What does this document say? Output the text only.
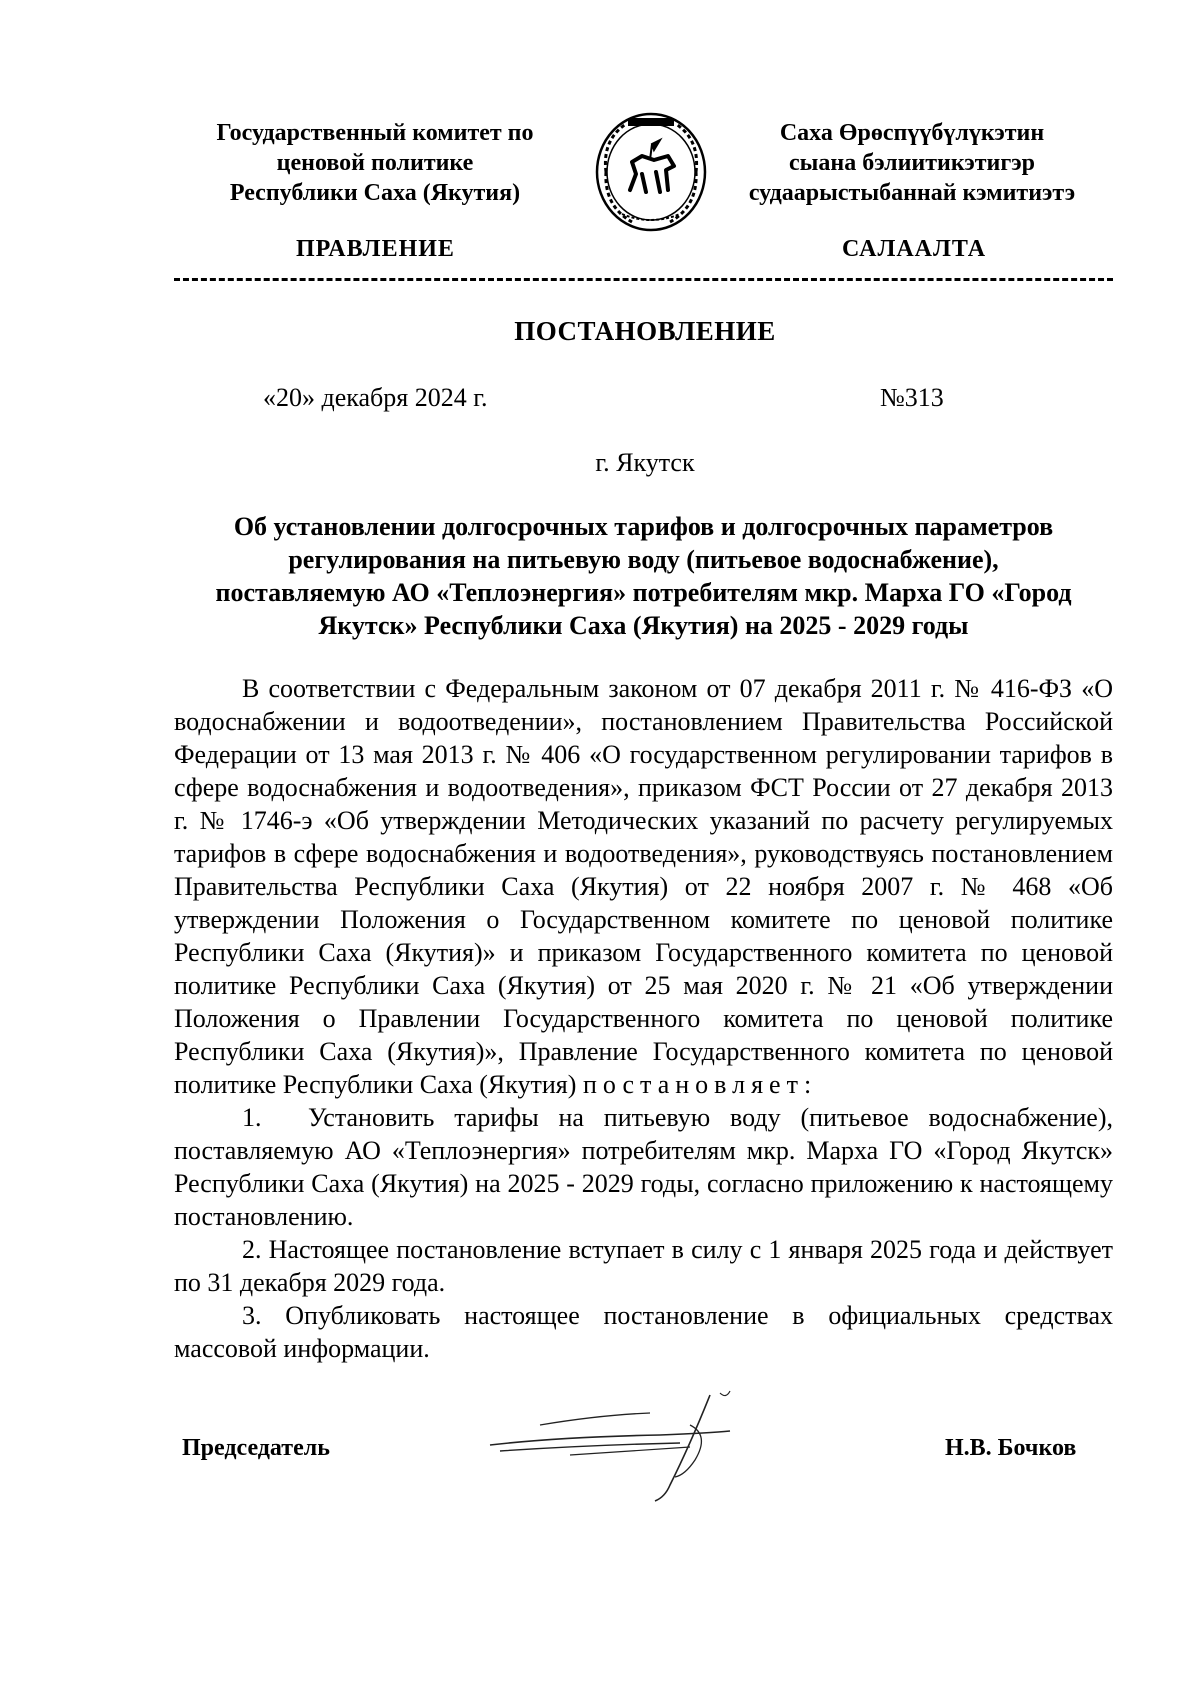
Государственный комитет по
ценовой политике
Республики Саха (Якутия)
Саха Өрөспүүбүлүкэтин
сыана бэлиитикэтигэр
судаарыстыбаннай кэмитиэтэ
ПРАВЛЕНИЕ	САЛААЛТА
ПОСТАНОВЛЕНИЕ
«20» декабря 2024 г.	№313
г. Якутск
Об установлении долгосрочных тарифов и долгосрочных параметров
регулирования на питьевую воду (питьевое водоснабжение),
поставляемую АО «Теплоэнергия» потребителям мкр. Марха ГО «Город
Якутск» Республики Саха (Якутия) на 2025 - 2029 годы

В соответствии с Федеральным законом от 07 декабря 2011 г. № 416-ФЗ «О водоснабжении и водоотведении», постановлением Правительства Российской Федерации от 13 мая 2013 г. № 406 «О государственном регулировании тарифов в сфере водоснабжения и водоотведения», приказом ФСТ России от 27 декабря 2013 г. № 1746-э «Об утверждении Методических указаний по расчету регулируемых тарифов в сфере водоснабжения и водоотведения», руководствуясь постановлением Правительства Республики Саха (Якутия) от 22 ноября 2007 г. № 468 «Об утверждении Положения о Государственном комитете по ценовой политике Республики Саха (Якутия)» и приказом Государственного комитета по ценовой политике Республики Саха (Якутия) от 25 мая 2020 г. № 21 «Об утверждении Положения о Правлении Государственного комитета по ценовой политике Республики Саха (Якутия)», Правление Государственного комитета по ценовой политике Республики Саха (Якутия) постановляет:

1. Установить тарифы на питьевую воду (питьевое водоснабжение), поставляемую АО «Теплоэнергия» потребителям мкр. Марха ГО «Город Якутск» Республики Саха (Якутия) на 2025 - 2029 годы, согласно приложению к настоящему постановлению.

2. Настоящее постановление вступает в силу с 1 января 2025 года и действует по 31 декабря 2029 года.

3. Опубликовать настоящее постановление в официальных средствах массовой информации.

Председатель	Н.В. Бочков
